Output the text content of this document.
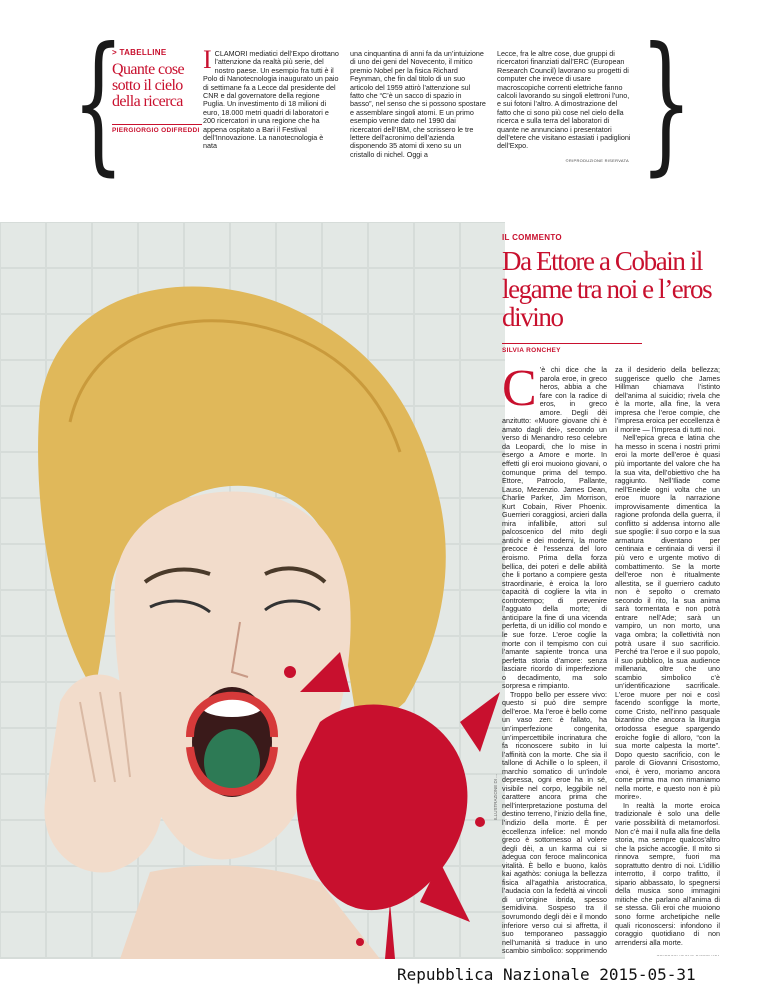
{	}
> TABELLINE
Quante cose sotto il cielo della ricerca
PIERGIORGIO ODIFREDDI
I CLAMORI mediatici dell’Expo dirottano l’attenzione da realtà più serie, del nostro paese. Un esempio fra tutti è il Polo di Nanotecnologia inaugurato un paio di settimane fa a Lecce dal presidente del CNR e dal governatore della regione Puglia. Un investimento di 18 milioni di euro, 18.000 metri quadri di laboratori e 200 ricercatori in una regione che ha appena ospitato a Bari il Festival dell’Innovazione. La nanotecnologia è nata
una cinquantina di anni fa da un’intuizione di uno dei geni del Novecento, il mitico premio Nobel per la fisica Richard Feynman, che fin dal titolo di un suo articolo del 1959 attirò l’attenzione sul fatto che “C’è un sacco di spazio in basso”, nel senso che si possono spostare e assemblare singoli atomi. E un primo esempio venne dato nel 1990 dai ricercatori dell’IBM, che scrissero le tre lettere dell’acronimo dell’azienda disponendo 35 atomi di xeno su un cristallo di nichel. Oggi a
Lecce, fra le altre cose, due gruppi di ricercatori finanziati dall’ERC (European Research Council) lavorano su progetti di computer che invece di usare macroscopiche correnti elettriche fanno calcoli lavorando su singoli elettroni l’uno, e sui fotoni l’altro. A dimostrazione del fatto che ci sono più cose nel cielo della ricerca e sulla terra del laboratori di quante ne annunciano i presentatori dell’etere che visitano estasiati i padiglioni dell’Expo.
©RIPRODUZIONE RISERVATA
ILLUSTRAZIONE DI ...
IL COMMENTO
Da Ettore a Cobain il legame tra noi e l’eros divino
SILVIA RONCHEY
C ’è chi dice che la parola eroe, in greco heros, abbia a che fare con la radice di eros, in greco amore. Degli dèi anzitutto: «Muore giovane chi è amato dagli dei», secondo un verso di Menandro reso celebre da Leopardi, che lo mise in esergo a Amore e morte. In effetti gli eroi muoiono giovani, o comunque prima del tempo. Ettore, Patroclo, Pallante, Lauso, Mezenzio. James Dean, Charlie Parker, Jim Morrison, Kurt Cobain, River Phoenix. Guerrieri coraggiosi, arcieri dalla mira infallibile, attori sul palcoscenico del mito degli antichi e dei moderni, la morte precoce è l’essenza del loro eroismo. Prima della forza bellica, dei poteri e delle abilità che li portano a compiere gesta straordinarie, è eroica la loro capacità di cogliere la vita in controtempo; di prevenire l’agguato della morte; di anticipare la fine di una vicenda perfetta, di un idillio col mondo e le sue forze. L’eroe coglie la morte con il tempismo con cui l’amante sapiente tronca una perfetta storia d’amore: senza lasciare ricordo di imperfezione o decadimento, ma solo sorpresa e rimpianto.

Troppo bello per essere vivo: questo si può dire sempre dell’eroe. Ma l’eroe è bello come un vaso zen: è fallato, ha un’imperfezione congenita, un’impercettibile incrinatura che fa riconoscere subito in lui l’affinità con la morte. Che sia il tallone di Achille o lo spleen, il marchio somatico di un’indole depressa, ogni eroe ha in sé, visibile nel corpo, leggibile nel carattere ancora prima che nell’interpretazione postuma del destino terreno, l’inizio della fine, l’indizio della morte. È per eccellenza infelice: nel mondo greco è sottomesso al volere degli dèi, a un karma cui si adegua con feroce malinconica vitalità. È bello e buono, kalòs kai agathòs: coniuga la bellezza fisica all’agathìa aristocratica, l’audacia con la fedeltà ai vincoli di un’origine ibrida, spesso semidivina. Sospeso tra il sovrumondo degli dèi e il mondo inferiore verso cui si affretta, il suo temporaneo passaggio nell’umanità si traduce in uno scambio simbolico: sopprimendo

za il desiderio della bellezza; suggerisce quello che James Hillman chiamava l’istinto dell’anima al suicidio; rivela che è la morte, alla fine, la vera impresa che l’eroe compie, che l’impresa eroica per eccellenza è il morire — l’impresa di tutti noi.

Nell’epica greca e latina che ha messo in scena i nostri primi eroi la morte dell’eroe è quasi più importante del valore che ha la sua vita, dell’obiettivo che ha raggiunto. Nell’Iliade come nell’Eneide ogni volta che un eroe muore la narrazione improvvisamente dimentica la ragione profonda della guerra, il conflitto si addensa intorno alle sue spoglie: il suo corpo e la sua armatura diventano per centinaia e centinaia di versi il più vero e urgente motivo di combattimento. Se la morte dell’eroe non è ritualmente allestita, se il guerriero caduto non è sepolto o cremato secondo il rito, la sua anima sarà tormentata e non potrà entrare nell’Ade; sarà un vampiro, un non morto, una vaga ombra; la collettività non potrà usare il suo sacrificio. Perché tra l’eroe e il suo popolo, il suo pubblico, la sua audience millenaria, oltre che uno scambio simbolico c’è un’identificazione sacrificale. L’eroe muore per noi e così facendo sconfigge la morte, come Cristo, nell’inno pasquale bizantino che ancora la liturgia ortodossa esegue spargendo eroiche foglie di alloro, “con la sua morte calpesta la morte”. Dopo questo sacrificio, con le parole di Giovanni Crisostomo, «noi, è vero, moriamo ancora come prima ma non rimaniamo nella morte, e questo non è più morire».

In realtà la morte eroica tradizionale è solo una delle varie possibilità di metamorfosi. Non c’è mai il nulla alla fine della storia, ma sempre qualcos’altro che la psiche accoglie. Il mito si rinnova sempre, fuori ma soprattutto dentro di noi. L’idillio interrotto, il corpo trafitto, il sipario abbassato, lo spegnersi della musica sono immagini mitiche che parlano all’anima di se stessa. Gli eroi che muoiono sono forme archetipiche nelle quali riconoscersi: infondono il coraggio quotidiano di non arrendersi alla morte.

Repubblica Nazionale 2015-05-31
